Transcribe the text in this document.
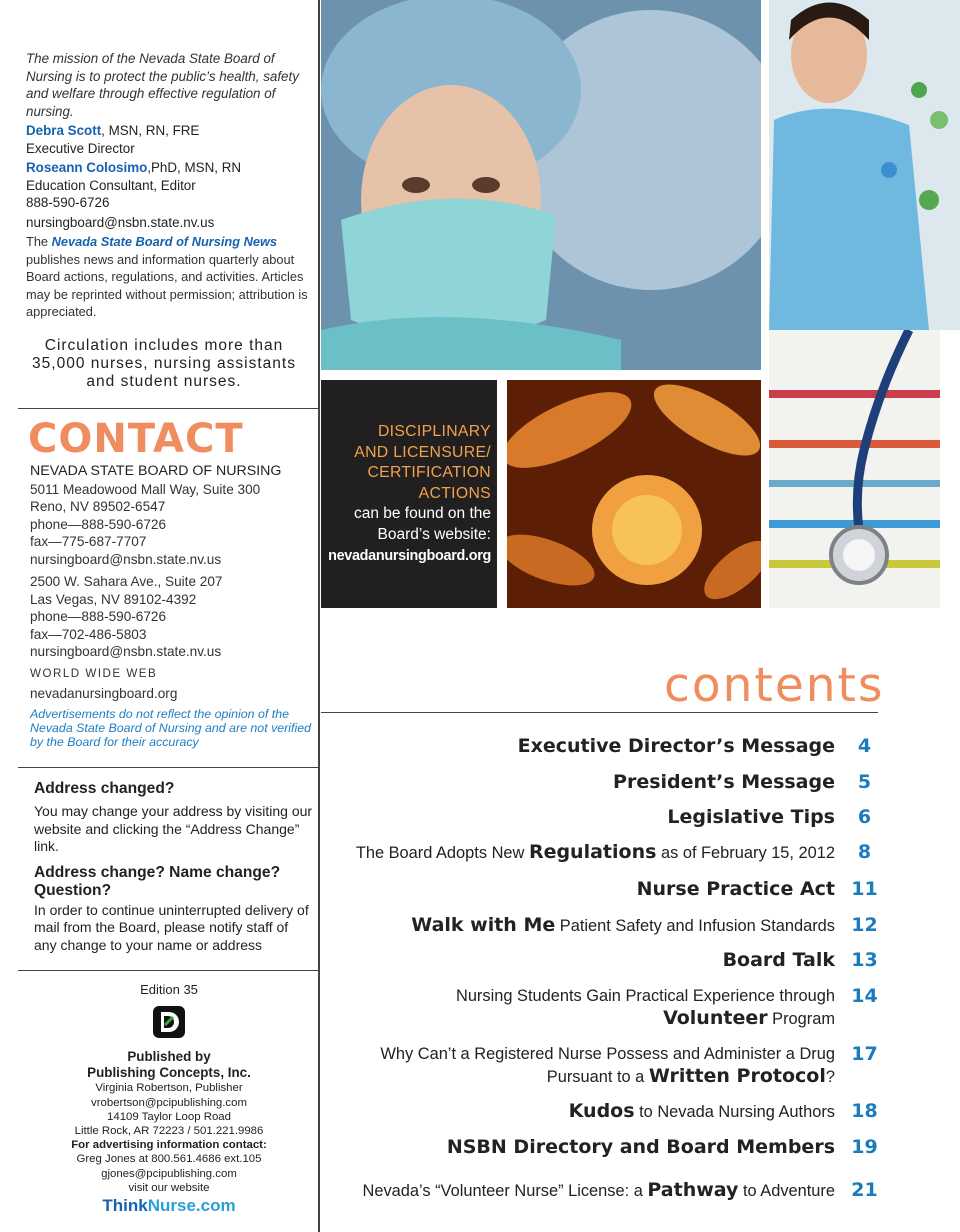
The mission of the Nevada State Board of Nursing is to protect the public’s health, safety and welfare through effective regulation of nursing.

Debra Scott, MSN, RN, FRE
Executive Director

Roseann Colosimo,PhD, MSN, RN
Education Consultant, Editor
888-590-6726

nursingboard@nsbn.state.nv.us

The Nevada State Board of Nursing News publishes news and information quarterly about Board actions, regulations, and activities. Articles may be reprinted without permission; attribution is appreciated.

Circulation includes more than 35,000 nurses, nursing assistants and student nurses.
CONTACT
NEVADA STATE BOARD OF NURSING
5011 Meadowood Mall Way, Suite 300
Reno, NV 89502-6547
phone—888-590-6726
fax—775-687-7707
nursingboard@nsbn.state.nv.us
2500 W. Sahara Ave., Suite 207
Las Vegas, NV 89102-4392
phone—888-590-6726
fax—702-486-5803
nursingboard@nsbn.state.nv.us
WORLD WIDE WEB
nevadanursingboard.org
Advertisements do not reflect the opinion of the Nevada State Board of Nursing and are not verified by the Board for their accuracy
Address changed?

You may change your address by visiting our website and clicking the “Address Change” link.

Address change? Name change? Question?

In order to continue uninterrupted delivery of mail from the Board, please notify staff of any change to your name or address

Edition 35
Published by
Publishing Concepts, Inc.
Virginia Robertson, Publisher
vrobertson@pcipublishing.com
14109 Taylor Loop Road
Little Rock, AR 72223 / 501.221.9986
For advertising information contact:
Greg Jones at 800.561.4686 ext.105
gjones@pcipublishing.com
visit our website
ThinkNurse.com
DISCIPLINARY
AND LICENSURE/
CERTIFICATION
ACTIONS
can be found on the
Board’s website:
nevadanursingboard.org
contents
Executive Director’s Message	4
President’s Message	5
Legislative Tips	6
The Board Adopts New Regulations as of February 15, 2012	8
Nurse Practice Act 11
Walk with Me Patient Safety and Infusion Standards 12
Board Talk 13
Nursing Students Gain Practical Experience through
Volunteer Program
14
Why Can’t a Registered Nurse Possess and Administer a Drug
Pursuant to a Written Protocol?
17
Kudos to Nevada Nursing Authors 18
NSBN Directory and Board Members 19
Nevada’s “Volunteer Nurse” License: a Pathway to Adventure 21
